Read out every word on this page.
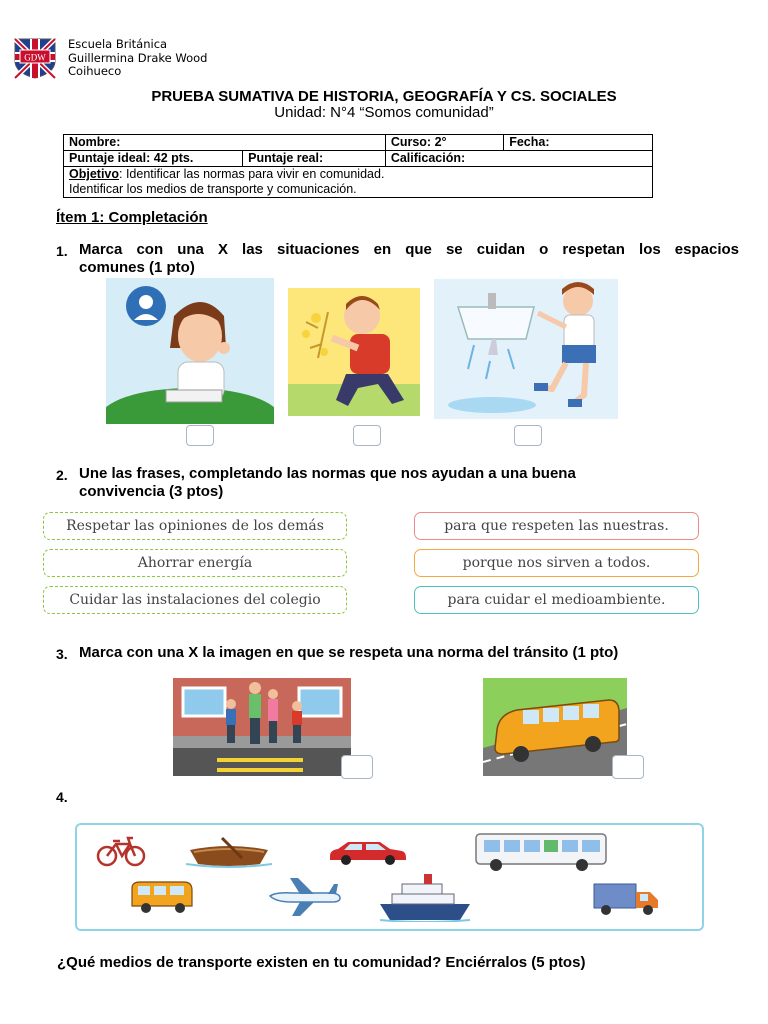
GDW
Escuela Británica
Guillermina Drake Wood
Coihueco
PRUEBA SUMATIVA DE HISTORIA, GEOGRAFÍA Y CS. SOCIALES
Unidad: N°4 “Somos comunidad”
Nombre:		Curso: 2°	Fecha:
Puntaje ideal: 42 pts.	Puntaje real:	Calificación:	
Objetivo: Identificar las normas para vivir en comunidad.
Identificar los medios de transporte y comunicación.			
Ítem 1: Completación
1. Marca con una X las situaciones en que se cuidan o respetan los espacios
comunes (1 pto)
2. Une las frases, completando las normas que nos ayudan a una buena
convivencia (3 ptos)
Respetar las opiniones de los demás
Ahorrar energía
Cuidar las instalaciones del colegio
para que respeten las nuestras.
porque nos sirven a todos.
para cuidar el medioambiente.
3. Marca con una X la imagen en que se respeta una norma del tránsito (1 pto)
4.
¿Qué medios de transporte existen en tu comunidad? Enciérralos (5 ptos)
